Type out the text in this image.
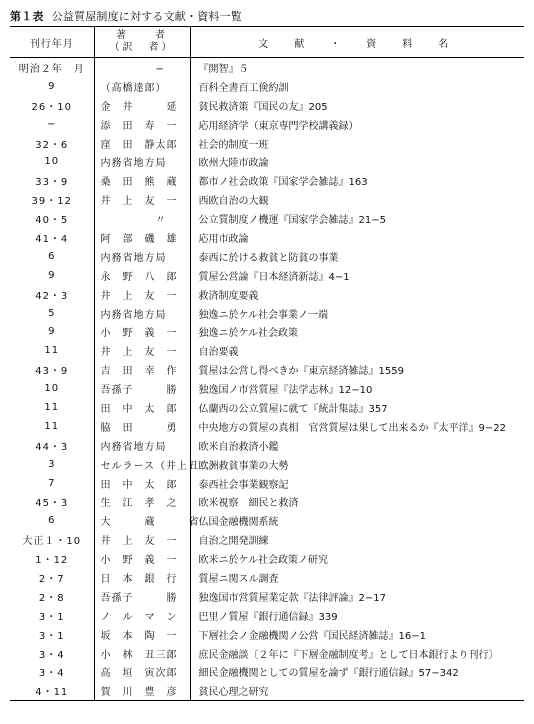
第１表 公益質屋制度に対する文献・資料一覧
刊行年月	著　　者
（訳　者）	文　献　・　資　料　名
明治２年　月	　　　　　−	『開智』５
9	（高橋達郎）	百科全書百工倹約訓
26・10	金　井　　　延	貧民救済策『国民の友』205
−	添　田　寿　一	応用経済学（東京専門学校講義録）
32・6	窪　田　静太郎	社会的制度一班
10	内務省地方局	欧州大陸市政論
33・9	桑　田　熊　蔵	都市ノ社会政策『国家学会雑誌』163
39・12	井　上　友　一	西欧自治の大観
40・5	　　　　　〃	公立質制度ノ機運『国家学会雑誌』21−5
41・4	阿　部　磯　雄	応用市政論
6	内務省地方局	泰西に於ける救貧と防貧の事業
9	永　野　八　郎	質屋公営論『日本経済新誌』4−1
42・3	井　上　友　一	救済制度要義
5	内務省地方局	独逸ニ於ケル社会事業ノ一端
9	小　野　義　一	独逸ニ於ケル社会政策
11	井　上　友　一	自治要義
43・9	吉　田　幸　作	質屋は公営し得べきか『東京経済雑誌』1559
10	吾孫子　　　勝	独逸国ノ市営質屋『法学志林』12−10
11	田　中　太　郎	仏蘭西の公立質屋に就て『統計集誌』357
11	脇　田　　　勇	中央地方の質屋の真相　官営質屋は果して出来るか『太平洋』9−22
44・3	内務省地方局	欧米自治救済小鑑
3	セルラース（井上丑二）	欧洲救貧事業の大勢
7	田　中　太　郎	泰西社会事業観察記
45・3	生　江　孝　之	欧米視察　細民と救済
6	大　　　蔵　　　省	仏国金融機関系統
大正１・10	井　上　友　一	自治之開発訓練
1・12	小　野　義　一	欧米ニ於ケル社会政策ノ研究
2・7	日　本　銀　行	質屋ニ関スル調査
2・8	吾孫子　　　勝	独逸国市営質屋業定款『法律評論』2−17
3・1	ノ　ル　マ　ン	巴里ノ質屋『銀行通信録』339
3・1	坂　本　陶　一	下層社会ノ金融機関ノ公営『国民経済雑誌』16−1
3・4	小　林　丑三郎	庶民金融談〔２年に『下層金融制度考』として日本銀行より刊行〕
3・4	高　垣　寅次郎	細民金融機関としての質屋を論ず『銀行通信録』57−342
4・11	賀　川　豊　彦	貧民心理之研究
